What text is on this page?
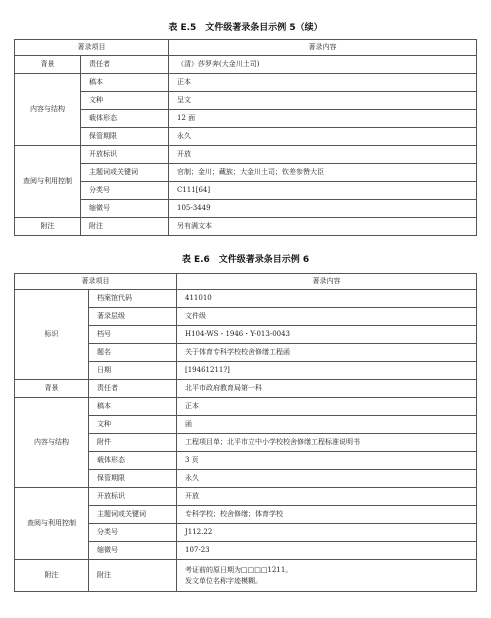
表 E.5　文件级著录条目示例 5（续）
著录项目		著录内容
背景	责任者	（清）莎罗奔(大金川土司)
内容与结构	稿本	正本
	文种	呈文
	载体形态	12 面
	保管期限	永久
查阅与利用控制	开放标识	开放
	主题词或关键词	官制；金川；藏族；大金川土司；钦差参赞大臣
	分类号	C111[64]
	缩微号	105-3449
附注	附注	另有满文本
表 E.6　文件级著录条目示例 6
著录项目		著录内容
标识	档案馆代码	411010
	著录层级	文件级
	档号	H104-WS・1946・Y-013-0043
	题名	关于体育专科学校校舍修缮工程函
	日期	[19461211?]
背景	责任者	北平市政府教育局第一科
内容与结构	稿本	正本
	文种	函
	附件	工程项目单；北平市立中小学校校舍修缮工程标准说明书
	载体形态	3 页
	保管期限	永久
查阅与利用控制	开放标识	开放
	主题词或关键词	专科学校；校舍修缮；体育学校
	分类号	J112.22
	缩微号	107-23
附注	附注	考证前的原日期为□□□□1211。
发文单位名称字迹模糊。
